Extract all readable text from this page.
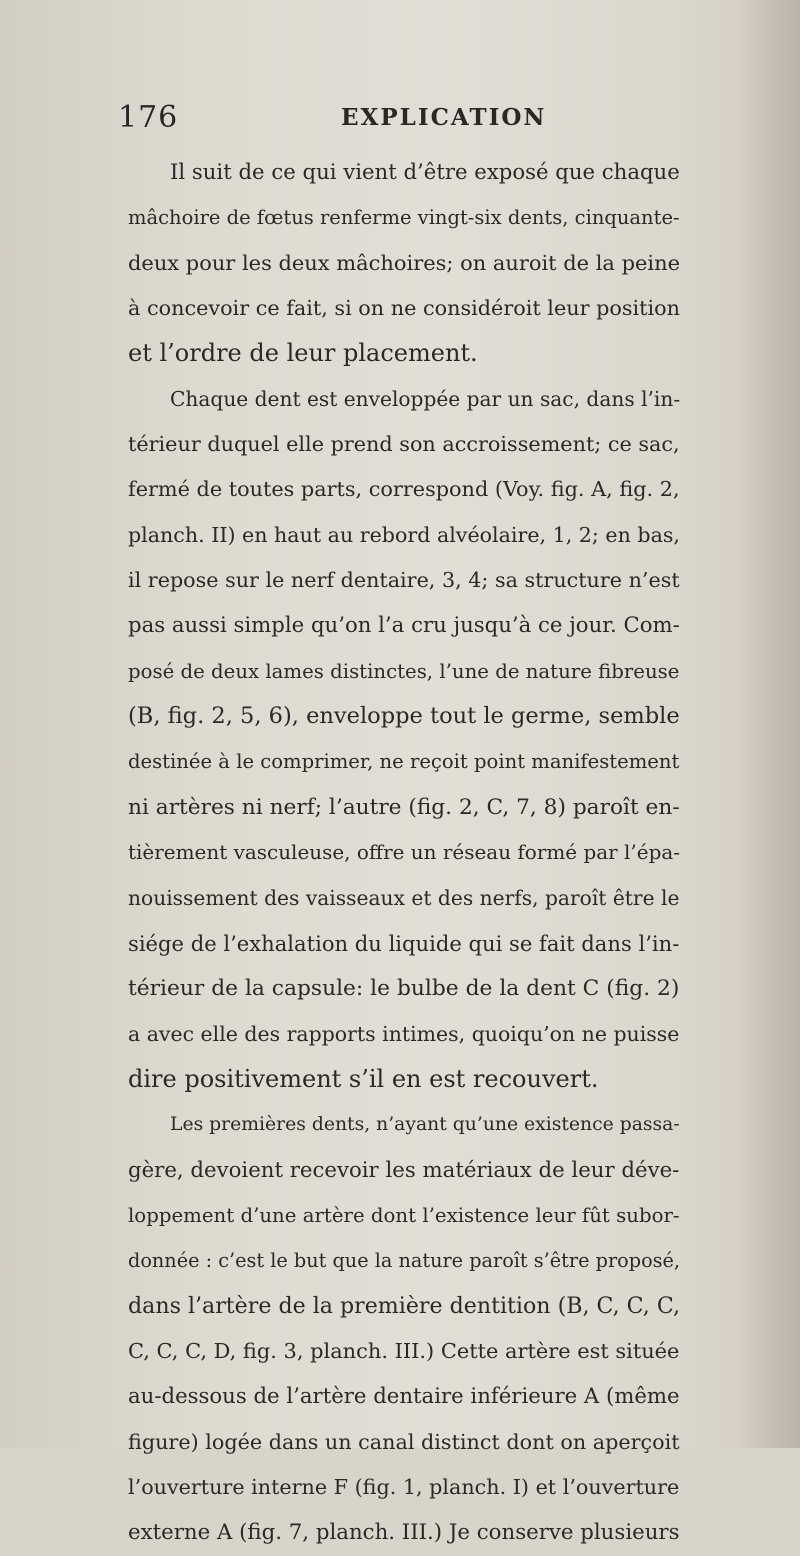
176	EXPLICATION
Il suit de ce qui vient d’être exposé que chaque
mâchoire de fœtus renferme vingt-six dents, cinquante-
deux pour les deux mâchoires; on auroit de la peine
à concevoir ce fait, si on ne considéroit leur position
et l’ordre de leur placement.
Chaque dent est enveloppée par un sac, dans l’in-
térieur duquel elle prend son accroissement; ce sac,
fermé de toutes parts, correspond (Voy. fig. A, fig. 2,
planch. II) en haut au rebord alvéolaire, 1, 2; en bas,
il repose sur le nerf dentaire, 3, 4; sa structure n’est
pas aussi simple qu’on l’a cru jusqu’à ce jour. Com-
posé de deux lames distinctes, l’une de nature fibreuse
(B, fig. 2, 5, 6), enveloppe tout le germe, semble
destinée à le comprimer, ne reçoit point manifestement
ni artères ni nerf; l’autre (fig. 2, C, 7, 8) paroît en-
tièrement vasculeuse, offre un réseau formé par l’épa-
nouissement des vaisseaux et des nerfs, paroît être le
siége de l’exhalation du liquide qui se fait dans l’in-
térieur de la capsule: le bulbe de la dent C (fig. 2)
a avec elle des rapports intimes, quoiqu’on ne puisse
dire positivement s’il en est recouvert.
Les premières dents, n’ayant qu’une existence passa-
gère, devoient recevoir les matériaux de leur déve-
loppement d’une artère dont l’existence leur fût subor-
donnée : c’est le but que la nature paroît s’être proposé,
dans l’artère de la première dentition (B, C, C, C,
C, C, C, D, fig. 3, planch. III.) Cette artère est située
au-dessous de l’artère dentaire inférieure A (même
figure) logée dans un canal distinct dont on aperçoit
l’ouverture interne F (fig. 1, planch. I) et l’ouverture
externe A (fig. 7, planch. III.) Je conserve plusieurs
